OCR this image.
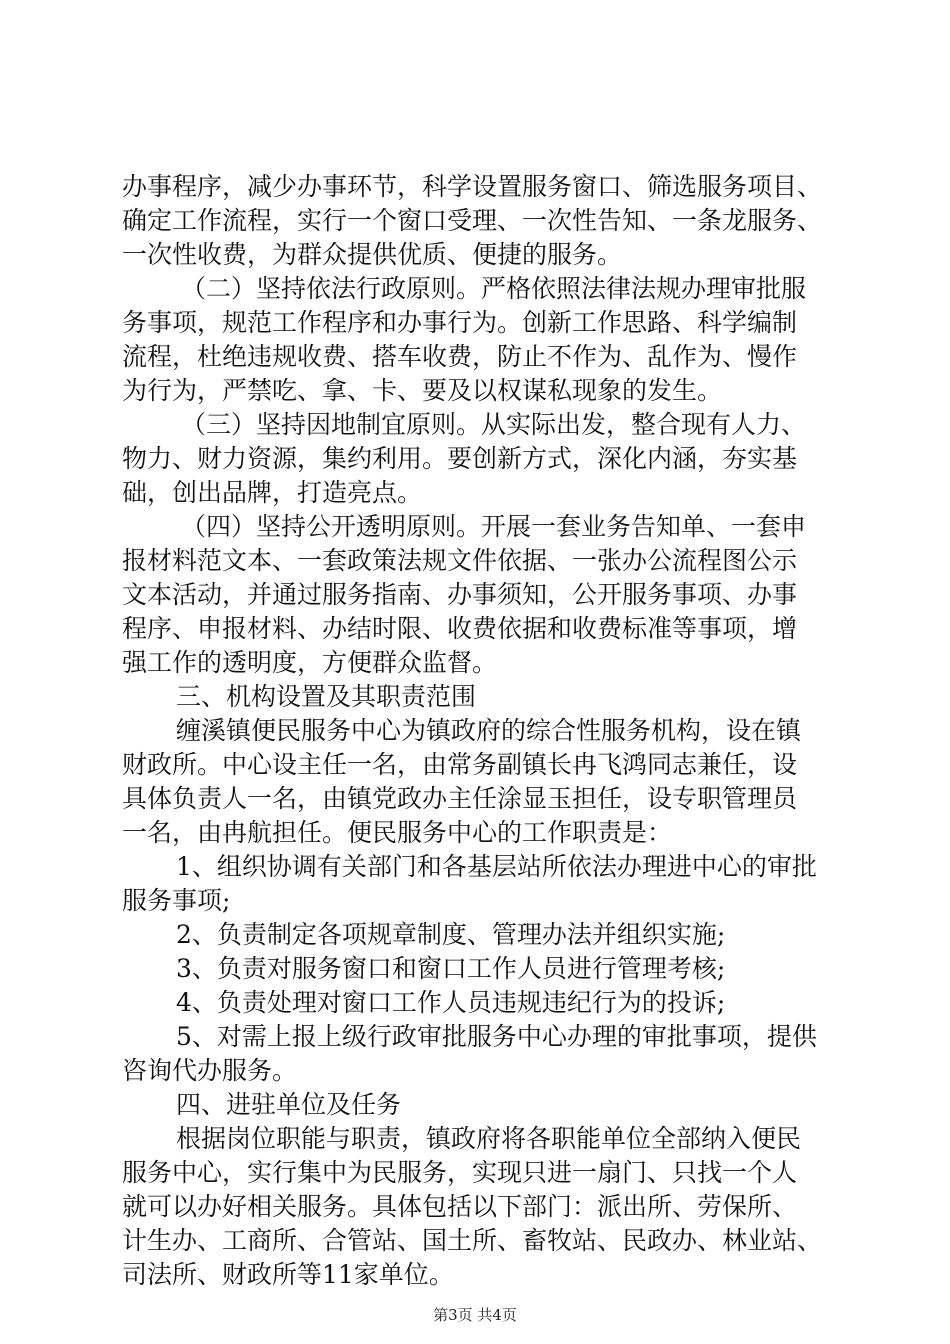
办事程序，减少办事环节，科学设置服务窗口、筛选服务项目、
确定工作流程，实行一个窗口受理、一次性告知、一条龙服务、
一次性收费，为群众提供优质、便捷的服务。
（二）坚持依法行政原则。严格依照法律法规办理审批服
务事项，规范工作程序和办事行为。创新工作思路、科学编制
流程，杜绝违规收费、搭车收费，防止不作为、乱作为、慢作
为行为，严禁吃、拿、卡、要及以权谋私现象的发生。
（三）坚持因地制宜原则。从实际出发，整合现有人力、
物力、财力资源，集约利用。要创新方式，深化内涵，夯实基
础，创出品牌，打造亮点。
（四）坚持公开透明原则。开展一套业务告知单、一套申
报材料范文本、一套政策法规文件依据、一张办公流程图公示
文本活动，并通过服务指南、办事须知，公开服务事项、办事
程序、申报材料、办结时限、收费依据和收费标准等事项，增
强工作的透明度，方便群众监督。
三、机构设置及其职责范围
缠溪镇便民服务中心为镇政府的综合性服务机构，设在镇
财政所。中心设主任一名，由常务副镇长冉飞鸿同志兼任，设
具体负责人一名，由镇党政办主任涂显玉担任，设专职管理员
一名，由冉航担任。便民服务中心的工作职责是：
1、组织协调有关部门和各基层站所依法办理进中心的审批
服务事项;
2、负责制定各项规章制度、管理办法并组织实施;
3、负责对服务窗口和窗口工作人员进行管理考核;
4、负责处理对窗口工作人员违规违纪行为的投诉;
5、对需上报上级行政审批服务中心办理的审批事项，提供
咨询代办服务。
四、进驻单位及任务
根据岗位职能与职责，镇政府将各职能单位全部纳入便民
服务中心，实行集中为民服务，实现只进一扇门、只找一个人
就可以办好相关服务。具体包括以下部门：派出所、劳保所、
计生办、工商所、合管站、国土所、畜牧站、民政办、林业站、
司法所、财政所等11家单位。
第3页 共4页
